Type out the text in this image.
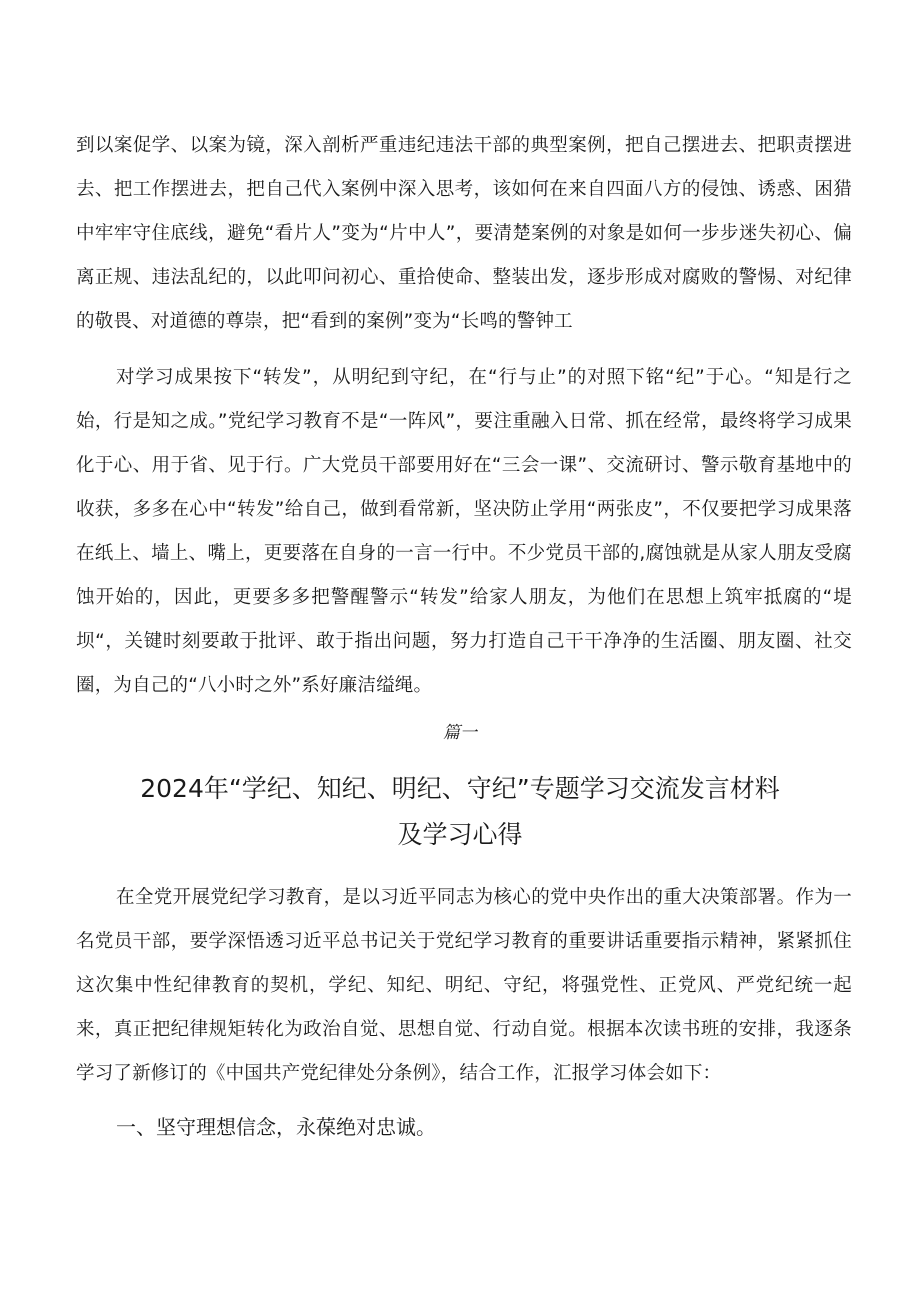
到以案促学、以案为镜，深入剖析严重违纪违法干部的典型案例，把自己摆进去、把职责摆进去、把工作摆进去，把自己代入案例中深入思考，该如何在来自四面八方的侵蚀、诱惑、困猎中牢牢守住底线，避免“看片人”变为“片中人”，要清楚案例的对象是如何一步步迷失初心、偏离正规、违法乱纪的，以此叩问初心、重拾使命、整装出发，逐步形成对腐败的警惕、对纪律的敬畏、对道德的尊崇，把“看到的案例”变为“长鸣的警钟工

对学习成果按下“转发”，从明纪到守纪，在“行与止”的对照下铭“纪”于心。“知是行之始，行是知之成。”党纪学习教育不是“一阵风”，要注重融入日常、抓在经常，最终将学习成果化于心、用于省、见于行。广大党员干部要用好在“三会一课”、交流研讨、警示敬育基地中的收获，多多在心中“转发”给自己，做到看常新，坚决防止学用“两张皮”，不仅要把学习成果落在纸上、墙上、嘴上，更要落在自身的一言一行中。不少党员干部的,腐蚀就是从家人朋友受腐蚀开始的，因此，更要多多把警醒警示“转发”给家人朋友，为他们在思想上筑牢抵腐的“堤坝“，关键时刻要敢于批评、敢于指出问题，努力打造自己干干净净的生活圈、朋友圈、社交圈，为自己的“八小时之外”系好廉洁缢绳。

篇一

2024年“学纪、知纪、明纪、守纪”专题学习交流发言材料
及学习心得

在全党开展党纪学习教育，是以习近平同志为核心的党中央作出的重大决策部署。作为一名党员干部，要学深悟透习近平总书记关于党纪学习教育的重要讲话重要指示精神，紧紧抓住这次集中性纪律教育的契机，学纪、知纪、明纪、守纪，将强党性、正党风、严党纪统一起来，真正把纪律规矩转化为政治自觉、思想自觉、行动自觉。根据本次读书班的安排，我逐条学习了新修订的《中国共产党纪律处分条例》，结合工作，汇报学习体会如下：

一、坚守理想信念，永葆绝对忠诚。
